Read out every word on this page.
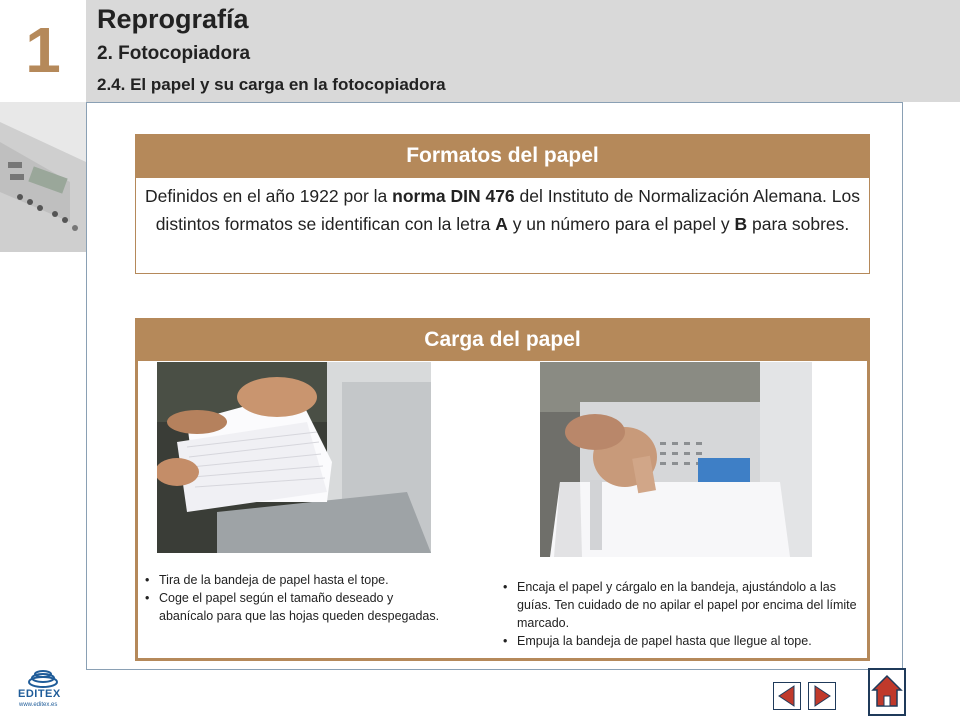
1	Reprografía
2. Fotocopiadora
2.4. El papel y su carga en la fotocopiadora
Formatos del papel
Definidos en el año 1922 por la norma DIN 476 del Instituto de Normalización Alemana. Los distintos formatos se identifican con la letra A y un número para el papel y B para sobres.
Carga del papel
• Tira de la bandeja de papel hasta el tope.
• Coge el papel según el tamaño deseado y abanícalo para que las hojas queden despegadas.
• Encaja el papel y cárgalo en la bandeja, ajustándolo a las guías. Ten cuidado de no apilar el papel por encima del límite marcado.
• Empuja la bandeja de papel hasta que llegue al tope.
EDITEX
www.editex.es
